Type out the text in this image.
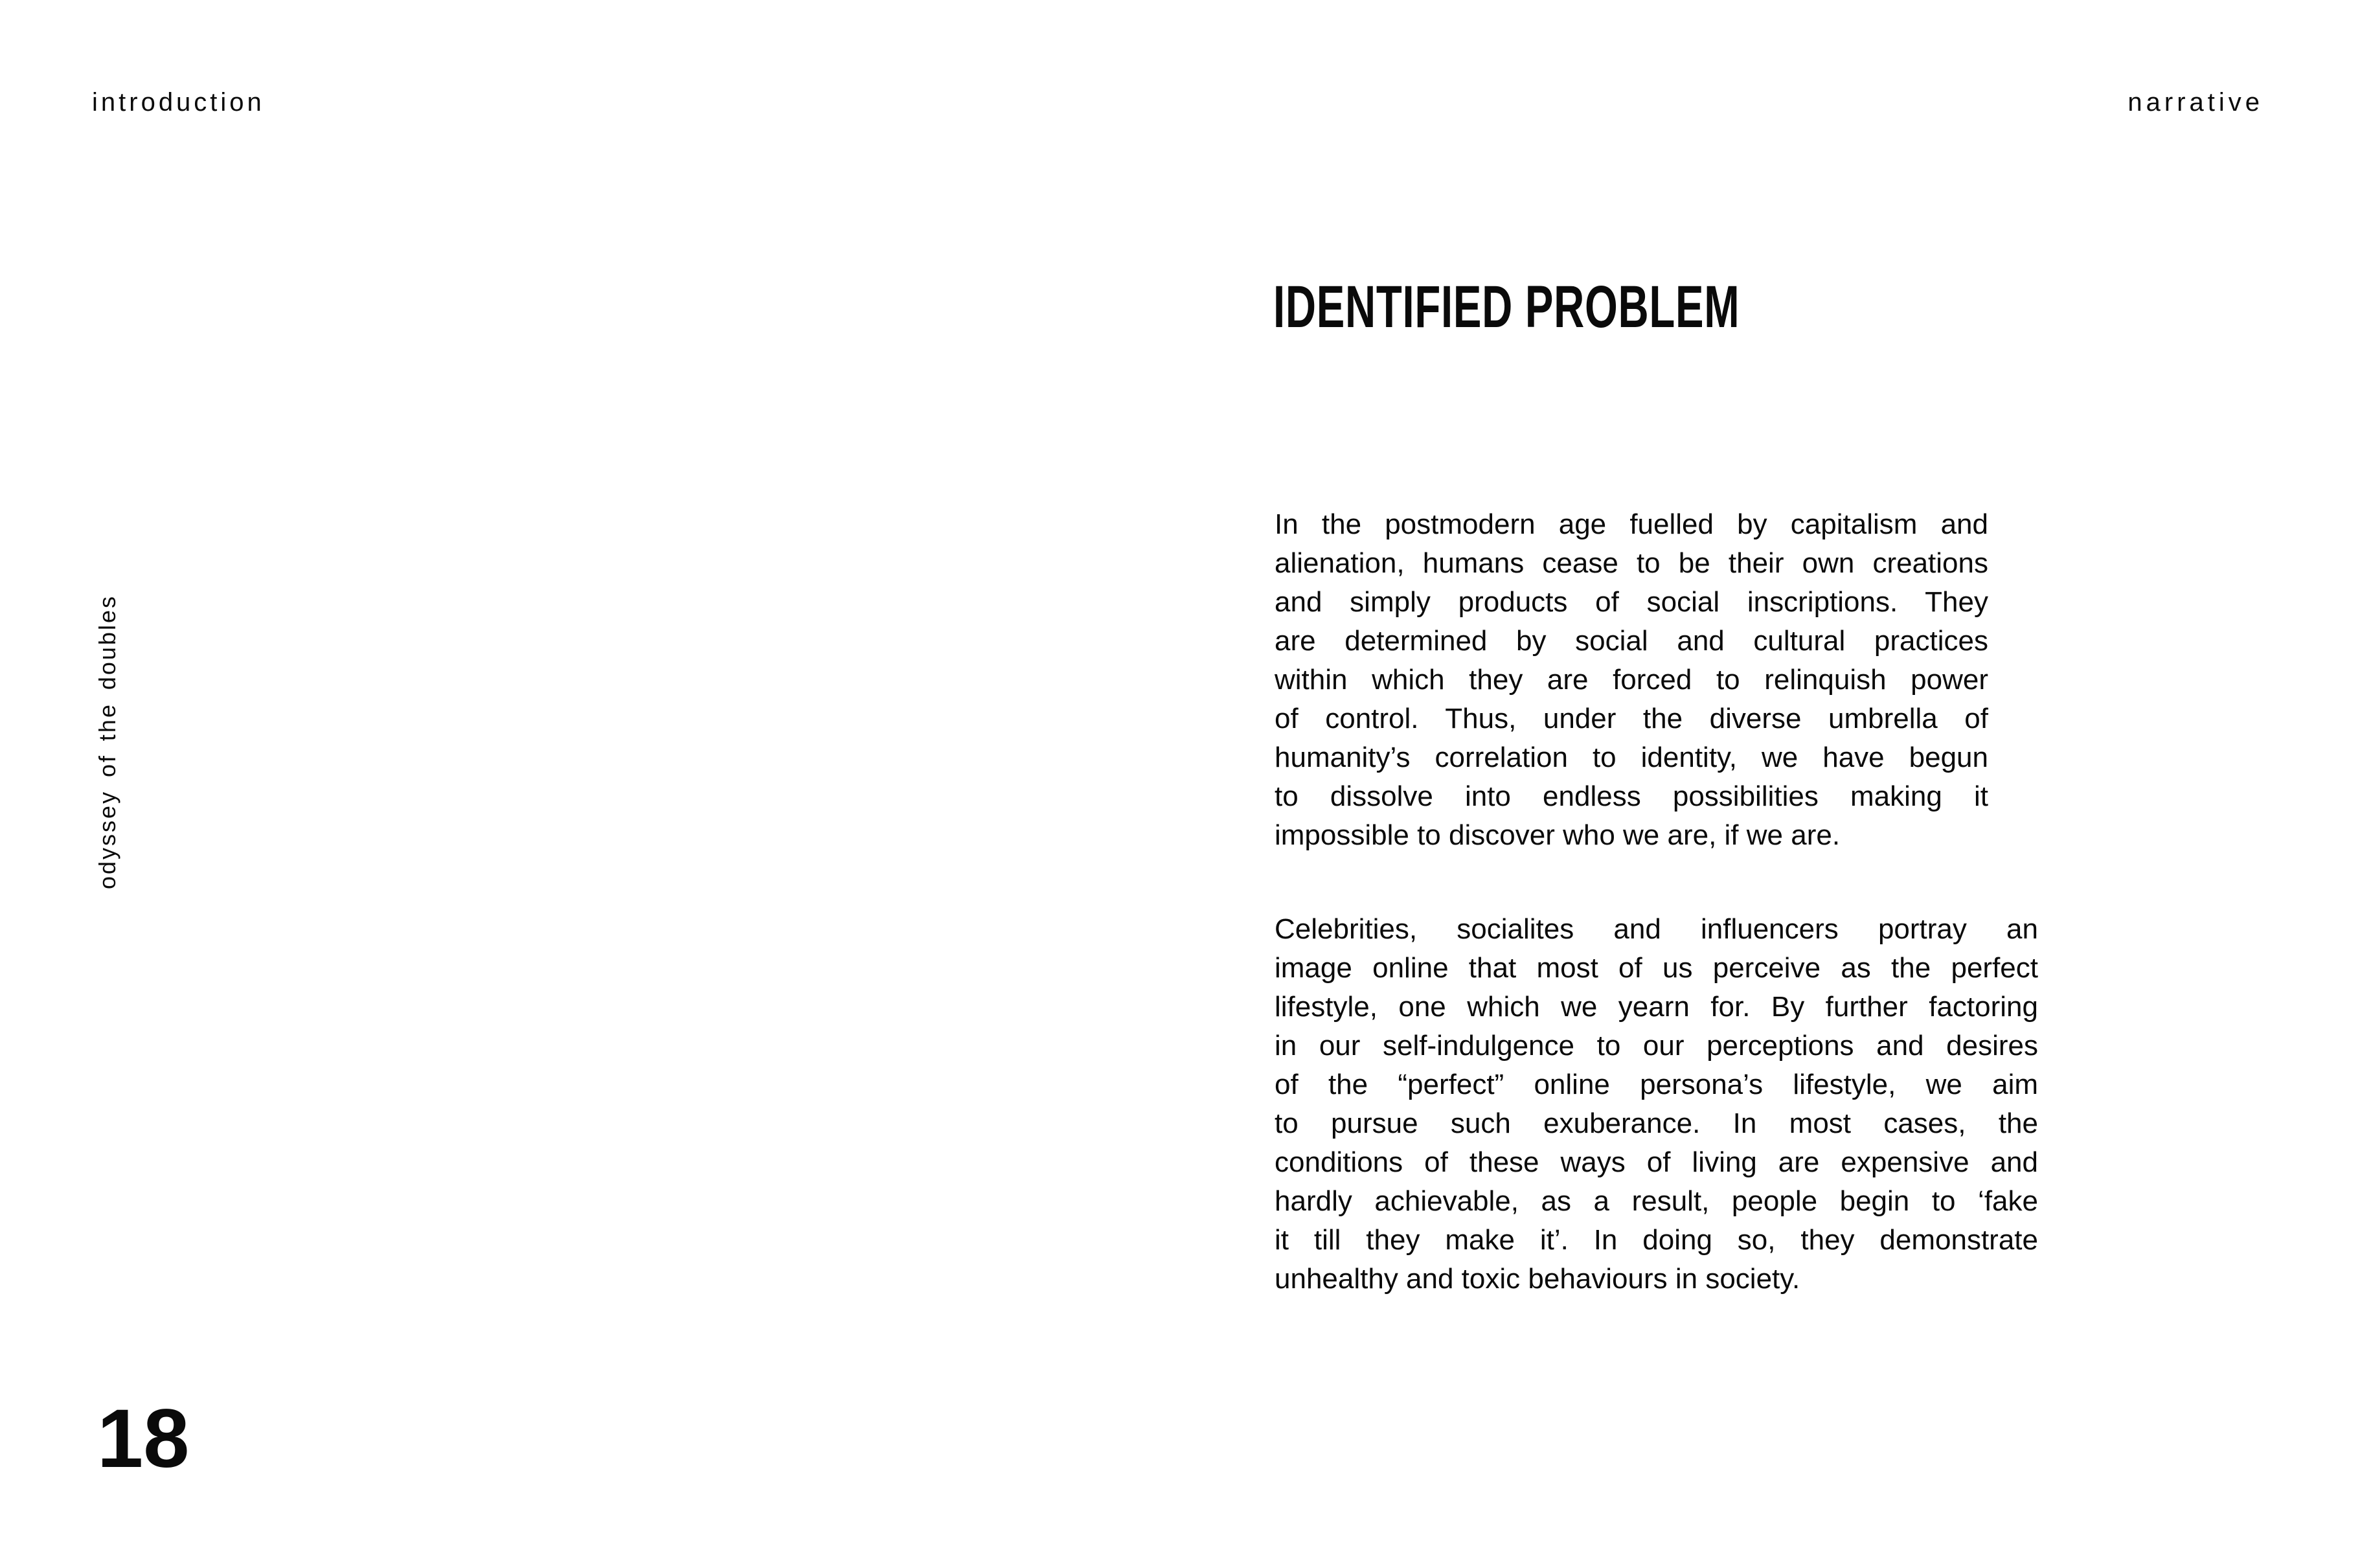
introduction	narrative
odyssey of the doubles
18
IDENTIFIED PROBLEM
In the postmodern age fuelled by capitalism and
alienation, humans cease to be their own creations
and simply products of social inscriptions. They
are determined by social and cultural practices
within which they are forced to relinquish power
of control. Thus, under the diverse umbrella of
humanity’s correlation to identity, we have begun
to dissolve into endless possibilities making it
impossible to discover who we are, if we are.
Celebrities, socialites and influencers portray an
image online that most of us perceive as the perfect
lifestyle, one which we yearn for. By further factoring
in our self-indulgence to our perceptions and desires
of the “perfect” online persona’s lifestyle, we aim
to pursue such exuberance. In most cases, the
conditions of these ways of living are expensive and
hardly achievable, as a result, people begin to ‘fake
it till they make it’. In doing so, they demonstrate
unhealthy and toxic behaviours in society.
